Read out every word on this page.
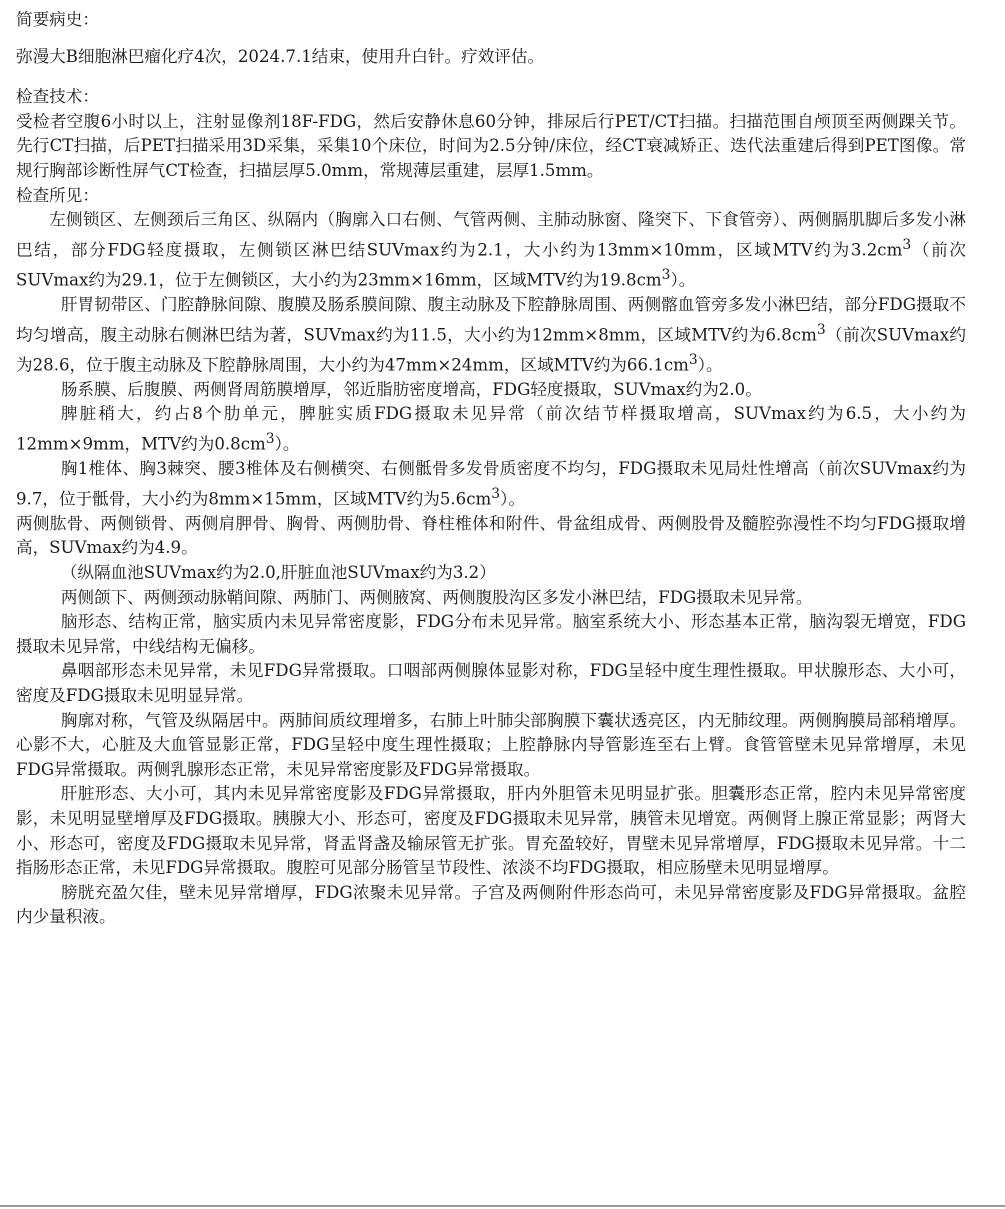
简要病史：

弥漫大B细胞淋巴瘤化疗4次，2024.7.1结束，使用升白针。疗效评估。

检查技术：

受检者空腹6小时以上，注射显像剂18F-FDG，然后安静休息60分钟，排尿后行PET/CT扫描。扫描范围自颅顶至两侧踝关节。先行CT扫描，后PET扫描采用3D采集，采集10个床位，时间为2.5分钟/床位，经CT衰减矫正、迭代法重建后得到PET图像。常规行胸部诊断性屏气CT检查，扫描层厚5.0mm，常规薄层重建，层厚1.5mm。

检查所见：

左侧锁区、左侧颈后三角区、纵隔内（胸廓入口右侧、气管两侧、主肺动脉窗、隆突下、下食管旁）、两侧膈肌脚后多发小淋巴结，部分FDG轻度摄取，左侧锁区淋巴结SUVmax约为2.1，大小约为13mm×10mm，区域MTV约为$3.2cm^3$（前次SUVmax约为29.1，位于左侧锁区，大小约为23mm×16mm，区域MTV约为$19.8cm^3$）。

肝胃韧带区、门腔静脉间隙、腹膜及肠系膜间隙、腹主动脉及下腔静脉周围、两侧髂血管旁多发小淋巴结，部分FDG摄取不均匀增高，腹主动脉右侧淋巴结为著，SUVmax约为11.5，大小约为12mm×8mm，区域MTV约为$6.8cm^3$（前次SUVmax约为28.6，位于腹主动脉及下腔静脉周围，大小约为47mm×24mm，区域MTV约为$66.1cm^3$）。

肠系膜、后腹膜、两侧肾周筋膜增厚，邻近脂肪密度增高，FDG轻度摄取，SUVmax约为2.0。

脾脏稍大，约占8个肋单元，脾脏实质FDG摄取未见异常（前次结节样摄取增高，SUVmax约为6.5，大小约为12mm×9mm，MTV约为$0.8cm^3$）。

胸1椎体、胸3棘突、腰3椎体及右侧横突、右侧骶骨多发骨质密度不均匀，FDG摄取未见局灶性增高（前次SUVmax约为9.7，位于骶骨，大小约为8mm×15mm，区域MTV约为$5.6cm^3$）。

两侧肱骨、两侧锁骨、两侧肩胛骨、胸骨、两侧肋骨、脊柱椎体和附件、骨盆组成骨、两侧股骨及髓腔弥漫性不均匀FDG摄取增高，SUVmax约为4.9。

（纵隔血池SUVmax约为2.0,肝脏血池SUVmax约为3.2）

两侧颌下、两侧颈动脉鞘间隙、两肺门、两侧腋窝、两侧腹股沟区多发小淋巴结，FDG摄取未见异常。

脑形态、结构正常，脑实质内未见异常密度影，FDG分布未见异常。脑室系统大小、形态基本正常，脑沟裂无增宽，FDG摄取未见异常，中线结构无偏移。

鼻咽部形态未见异常，未见FDG异常摄取。口咽部两侧腺体显影对称，FDG呈轻中度生理性摄取。甲状腺形态、大小可，密度及FDG摄取未见明显异常。

胸廓对称，气管及纵隔居中。两肺间质纹理增多，右肺上叶肺尖部胸膜下囊状透亮区，内无肺纹理。两侧胸膜局部稍增厚。心影不大，心脏及大血管显影正常，FDG呈轻中度生理性摄取；上腔静脉内导管影连至右上臂。食管管壁未见异常增厚，未见FDG异常摄取。两侧乳腺形态正常，未见异常密度影及FDG异常摄取。

肝脏形态、大小可，其内未见异常密度影及FDG异常摄取，肝内外胆管未见明显扩张。胆囊形态正常，腔内未见异常密度影，未见明显壁增厚及FDG摄取。胰腺大小、形态可，密度及FDG摄取未见异常，胰管未见增宽。两侧肾上腺正常显影；两肾大小、形态可，密度及FDG摄取未见异常，肾盂肾盏及输尿管无扩张。胃充盈较好，胃壁未见异常增厚，FDG摄取未见异常。十二指肠形态正常，未见FDG异常摄取。腹腔可见部分肠管呈节段性、浓淡不均FDG摄取，相应肠壁未见明显增厚。

膀胱充盈欠佳，壁未见异常增厚，FDG浓聚未见异常。子宫及两侧附件形态尚可，未见异常密度影及FDG异常摄取。盆腔内少量积液。
